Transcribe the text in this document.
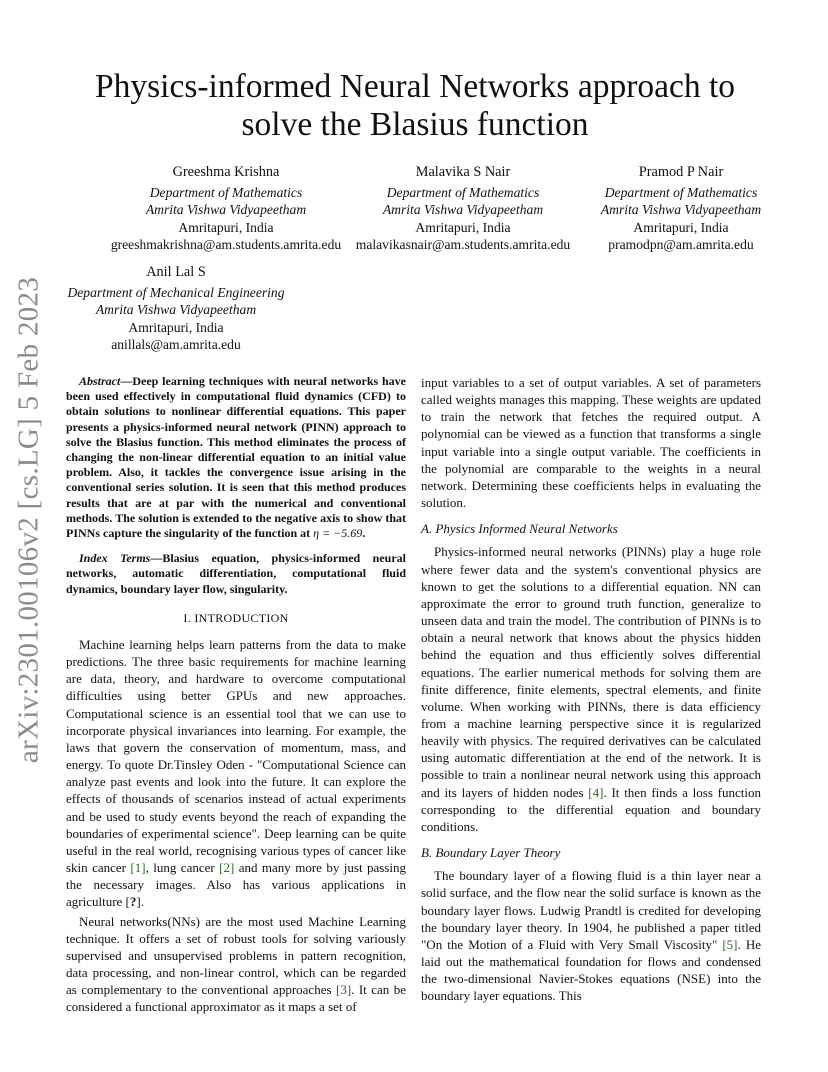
arXiv:2301.00106v2 [cs.LG] 5 Feb 2023
Physics-informed Neural Networks approach to solve the Blasius function
Greeshma Krishna
Department of Mathematics
Amrita Vishwa Vidyapeetham
Amritapuri, India
greeshmakrishna@am.students.amrita.edu
Malavika S Nair
Department of Mathematics
Amrita Vishwa Vidyapeetham
Amritapuri, India
malavikasnair@am.students.amrita.edu
Pramod P Nair
Department of Mathematics
Amrita Vishwa Vidyapeetham
Amritapuri, India
pramodpn@am.amrita.edu
Anil Lal S
Department of Mechanical Engineering
Amrita Vishwa Vidyapeetham
Amritapuri, India
anillals@am.amrita.edu

Abstract—Deep learning techniques with neural networks have been used effectively in computational fluid dynamics (CFD) to obtain solutions to nonlinear differential equations. This paper presents a physics-informed neural network (PINN) approach to solve the Blasius function. This method eliminates the process of changing the non-linear differential equation to an initial value problem. Also, it tackles the convergence issue arising in the conventional series solution. It is seen that this method produces results that are at par with the numerical and conventional methods. The solution is extended to the negative axis to show that PINNs capture the singularity of the function at η = −5.69.

Index Terms—Blasius equation, physics-informed neural networks, automatic differentiation, computational fluid dynamics, boundary layer flow, singularity.

I. INTRODUCTION

Machine learning helps learn patterns from the data to make predictions. The three basic requirements for machine learning are data, theory, and hardware to overcome computational difficulties using better GPUs and new approaches. Computational science is an essential tool that we can use to incorporate physical invariances into learning. For example, the laws that govern the conservation of momentum, mass, and energy. To quote Dr.Tinsley Oden - "Computational Science can analyze past events and look into the future. It can explore the effects of thousands of scenarios instead of actual experiments and be used to study events beyond the reach of expanding the boundaries of experimental science". Deep learning can be quite useful in the real world, recognising various types of cancer like skin cancer [1], lung cancer [2] and many more by just passing the necessary images. Also has various applications in agriculture [?].

Neural networks(NNs) are the most used Machine Learning technique. It offers a set of robust tools for solving variously supervised and unsupervised problems in pattern recognition, data processing, and non-linear control, which can be regarded as complementary to the conventional approaches [3]. It can be considered a functional approximator as it maps a set of

input variables to a set of output variables. A set of parameters called weights manages this mapping. These weights are updated to train the network that fetches the required output. A polynomial can be viewed as a function that transforms a single input variable into a single output variable. The coefficients in the polynomial are comparable to the weights in a neural network. Determining these coefficients helps in evaluating the solution.

A. Physics Informed Neural Networks

Physics-informed neural networks (PINNs) play a huge role where fewer data and the system's conventional physics are known to get the solutions to a differential equation. NN can approximate the error to ground truth function, generalize to unseen data and train the model. The contribution of PINNs is to obtain a neural network that knows about the physics hidden behind the equation and thus efficiently solves differential equations. The earlier numerical methods for solving them are finite difference, finite elements, spectral elements, and finite volume. When working with PINNs, there is data efficiency from a machine learning perspective since it is regularized heavily with physics. The required derivatives can be calculated using automatic differentiation at the end of the network. It is possible to train a nonlinear neural network using this approach and its layers of hidden nodes [4]. It then finds a loss function corresponding to the differential equation and boundary conditions.

B. Boundary Layer Theory

The boundary layer of a flowing fluid is a thin layer near a solid surface, and the flow near the solid surface is known as the boundary layer flows. Ludwig Prandtl is credited for developing the boundary layer theory. In 1904, he published a paper titled "On the Motion of a Fluid with Very Small Viscosity" [5]. He laid out the mathematical foundation for flows and condensed the two-dimensional Navier-Stokes equations (NSE) into the boundary layer equations. This
